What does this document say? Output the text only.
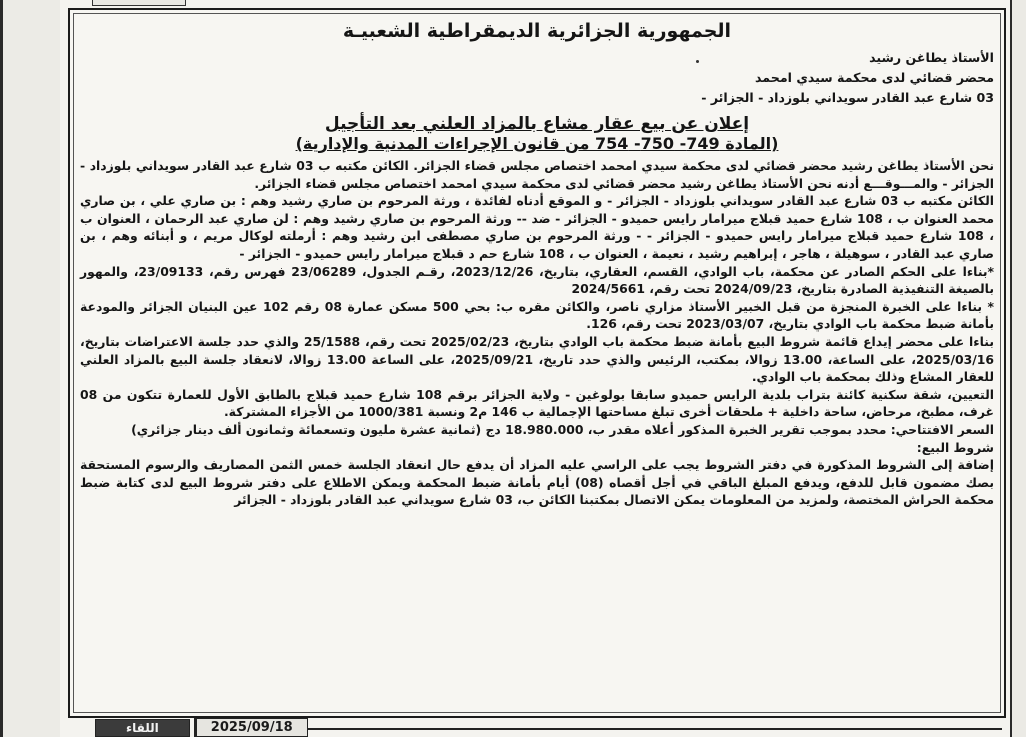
الجمهورية الجزائرية الديمقراطية الشعبيـة
الأستاذ يطاغن رشيد
محضر قضائي لدى محكمة سيدي امحمد
03 شارع عبد القادر سويداني بلوزداد - الجزائر -
إعلان عن بيع عقار مشاع بالمزاد العلني بعد التأجيل
(المادة 749- 750- 754 من قانون الإجراءات المدنية والإدارية)

نحن الأستاذ يطاغن رشيد محضر قضائي لدى محكمة سيدي امحمد اختصاص مجلس قضاء الجزائر. الكائن مكتبه ب 03 شارع عبد القادر سويداني بلوزداد - الجزائر - والمـــوقـــع أدنه نحن الأستاذ يطاغن رشيد محضر قضائي لدى محكمة سيدي امحمد اختصاص مجلس قضاء الجزائر.

الكائن مكتبه ب 03 شارع عبد القادر سويداني بلوزداد - الجزائر - و الموقع أدناه لفائدة ، ورثة المرحوم بن صاري رشيد وهم : بن صاري علي ، بن صاري محمد العنوان ب ، 108 شارع حميد قبلاج ميرامار رايس حميدو - الجزائر - ضد -- ورثة المرحوم بن صاري رشيد وهم : لن صاري عبد الرحمان ، العنوان ب ، 108 شارع حميد قبلاج ميرامار رايس حميدو - الجزائر - - ورثة المرحوم بن صاري مصطفى ابن رشيد وهم : أرملته لوكال مريم ، و أبنائه وهم ، بن صاري عبد القادر ، سوهيلة ، هاجر ، إبراهيم رشيد ، نعيمة ، العنوان ب ، 108 شارع حم د قبلاج ميرامار رايس حميدو - الجزائر -

*بناءا على الحكم الصادر عن محكمة، باب الوادي، القسم، العقاري، بتاريخ، 2023/12/26، رقـم الجدول، 23/06289 فهرس رقم، 23/09133، والمهور بالصيغة التنفيذية الصادرة بتاريخ، 2024/09/23 تحت رقم، 2024/5661

* بناءا على الخبرة المنجزة من قبل الخبير الأستاذ مزاري ناصر، والكائن مقره ب: بحي 500 مسكن عمارة 08 رقم 102 عين البنيان الجزائر والمودعة بأمانة ضبط محكمة باب الوادي بتاريخ، 2023/03/07 تحت رقم، 126.

بناءا على محضر إيداع قائمة شروط البيع بأمانة ضبط محكمة باب الوادي بتاريخ، 2025/02/23 تحت رقم، 25/1588 والذي حدد جلسة الاعتراضات بتاريخ، 2025/03/16، على الساعة، 13.00 زوالا، بمكتب، الرئيس والذي حدد تاريخ، 2025/09/21، على الساعة 13.00 زوالا، لانعقاد جلسة البيع بالمزاد العلني للعقار المشاع وذلك بمحكمة باب الوادي.

التعيين، شقة سكنية كائنة بتراب بلدية الرايس حميدو سابقا بولوغين - ولاية الجزائر برقم 108 شارع حميد قبلاج بالطابق الأول للعمارة تتكون من 08 غرف، مطبخ، مرحاض، ساحة داخلية + ملحقات أخرى تبلغ مساحتها الإجمالية ب 146 م2 ونسبة 1000/381 من الأجزاء المشتركة.

السعر الافتتاحي: محدد بموجب تقرير الخبرة المذكور أعلاه مقدر ب، 18.980.000 دج (ثمانية عشرة مليون وتسعمائة وثمانون ألف دينار جزائري)

شروط البيع:

إضافة إلى الشروط المذكورة في دفتر الشروط يجب على الراسي عليه المزاد أن يدفع حال انعقاد الجلسة خمس الثمن المصاريف والرسوم المستحقة بصك مضمون قابل للدفع، ويدفع المبلغ الباقي في أجل أقصاه (08) أيام بأمانة ضبط المحكمة ويمكن الاطلاع على دفتر شروط البيع لدى كتابة ضبط محكمة الحراش المختصة، ولمزيد من المعلومات يمكن الاتصال بمكتبنا الكائن ب، 03 شارع سويداني عبد القادر بلوزداد - الجزائر

اللقاء	2025/09/18
